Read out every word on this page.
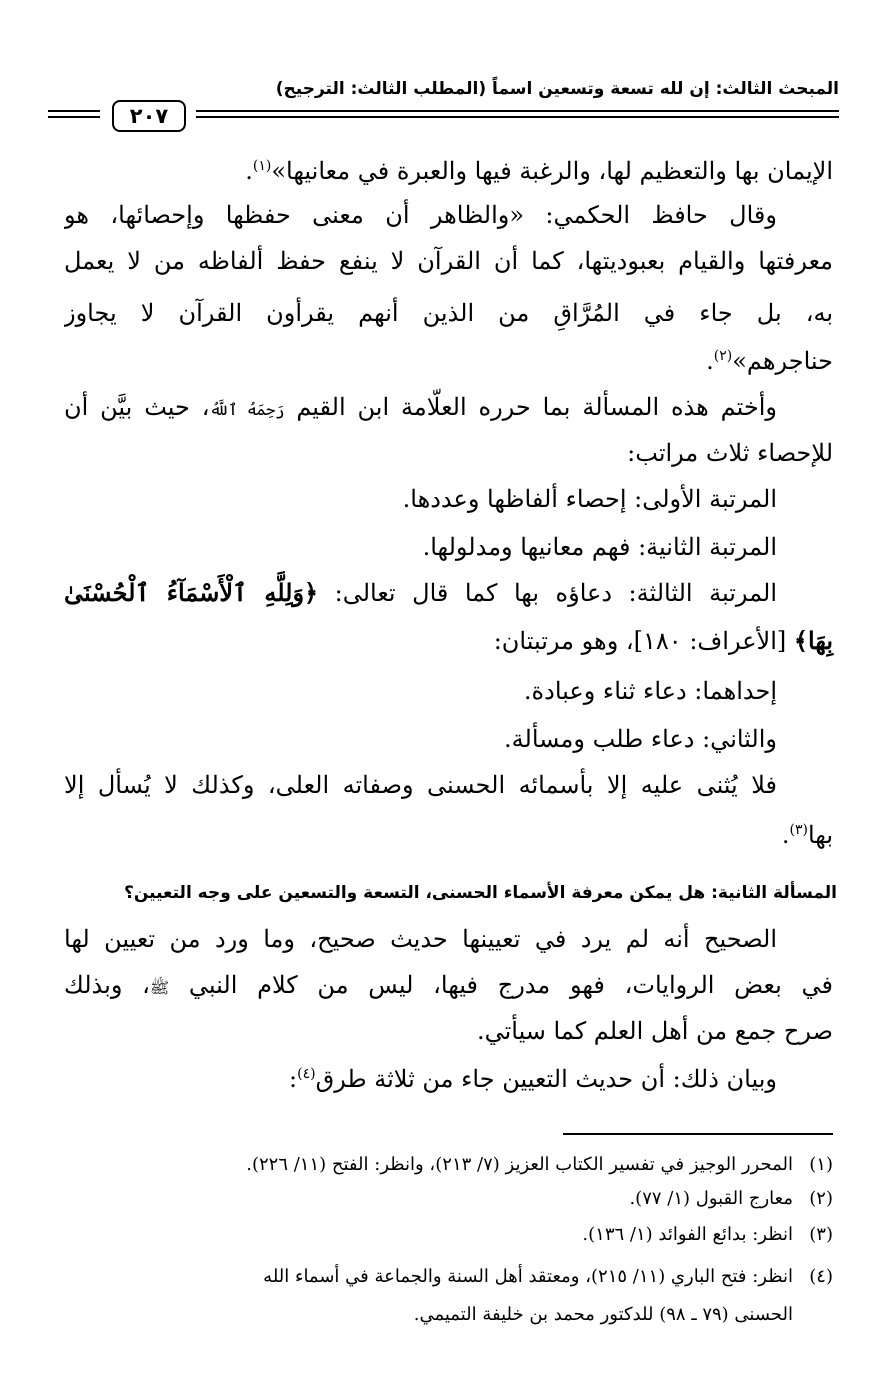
المبحث الثالث: إن لله تسعة وتسعين اسماً (المطلب الثالث: الترجيح)
٢٠٧
الإيمان بها والتعظيم لها، والرغبة فيها والعبرة في معانيها»$^{(١)}$.
وقال حافظ الحكمي: «والظاهر أن معنى حفظها وإحصائها، هو
معرفتها والقيام بعبوديتها، كما أن القرآن لا ينفع حفظ ألفاظه من لا يعمل
به، بل جاء في المُرَّاقِ من الذين أنهم يقرأون القرآن لا يجاوز
حناجرهم»$^{(٢)}$.
وأختم هذه المسألة بما حرره العلّامة ابن القيم رَحِمَهُ ٱللَّهُ، حيث بيَّن أن
للإحصاء ثلاث مراتب:
المرتبة الأولى: إحصاء ألفاظها وعددها.
المرتبة الثانية: فهم معانيها ومدلولها.
المرتبة الثالثة: دعاؤه بها كما قال تعالى: ﴿وَلِلَّهِ ٱلْأَسْمَآءُ ٱلْحُسْنَىٰ
بِهَا﴾ [الأعراف: ١٨٠]، وهو مرتبتان:
إحداهما: دعاء ثناء وعبادة.
والثاني: دعاء طلب ومسألة.
فلا يُثنى عليه إلا بأسمائه الحسنى وصفاته العلى، وكذلك لا يُسأل إلا
بها$^{(٣)}$.
المسألة الثانية: هل يمكن معرفة الأسماء الحسنى، التسعة والتسعين على وجه التعيين؟
الصحيح أنه لم يرد في تعيينها حديث صحيح، وما ورد من تعيين لها
في بعض الروايات، فهو مدرج فيها، ليس من كلام النبي ﷺ، وبذلك
صرح جمع من أهل العلم كما سيأتي.
وبيان ذلك: أن حديث التعيين جاء من ثلاثة طرق$^{(٤)}$:
(١)المحرر الوجيز في تفسير الكتاب العزيز (٧/ ٢١٣)، وانظر: الفتح (١١/ ٢٢٦).
(٢)معارج القبول (١/ ٧٧).
(٣)انظر: بدائع الفوائد (١/ ١٣٦).
(٤)انظر: فتح الباري (١١/ ٢١٥)، ومعتقد أهل السنة والجماعة في أسماء الله
الحسنى (٧٩ ـ ٩٨) للدكتور محمد بن خليفة التميمي.
